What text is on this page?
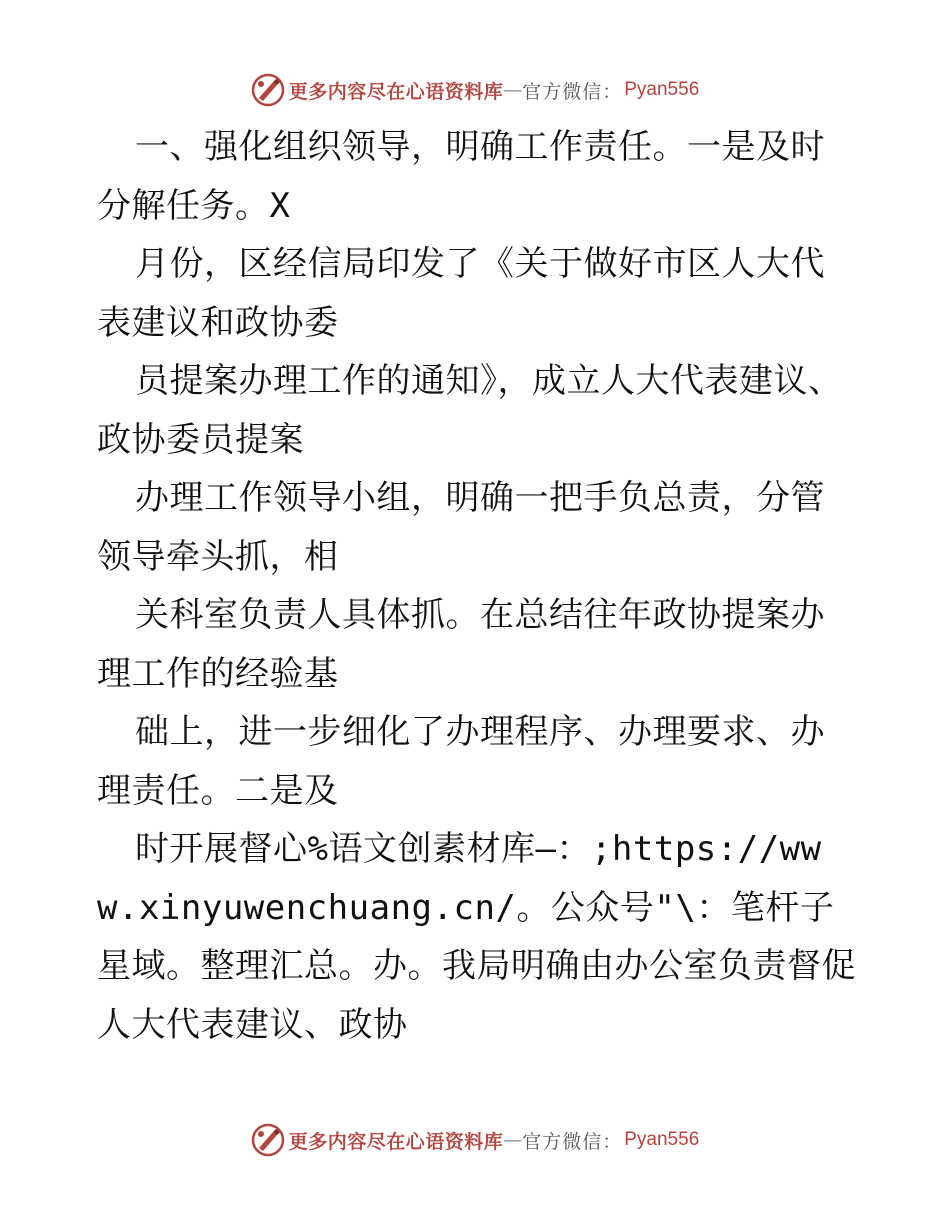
更多内容尽在心语资料库 — 官方微信： Pyan556

一、强化组织领导，明确工作责任。一是及时分解任务。X

月份，区经信局印发了《关于做好市区人大代表建议和政协委

员提案办理工作的通知》，成立人大代表建议、政协委员提案

办理工作领导小组，明确一把手负总责，分管领导牵头抓，相

关科室负责人具体抓。在总结往年政协提案办理工作的经验基

础上，进一步细化了办理程序、办理要求、办理责任。二是及

时开展督心%语文创素材库—：;https://www.xinyuwenchuang.cn/。公众号"\：笔杆子星域。整理汇总。办。我局明确由办公室负责督促人大代表建议、政协

更多内容尽在心语资料库 — 官方微信： Pyan556
